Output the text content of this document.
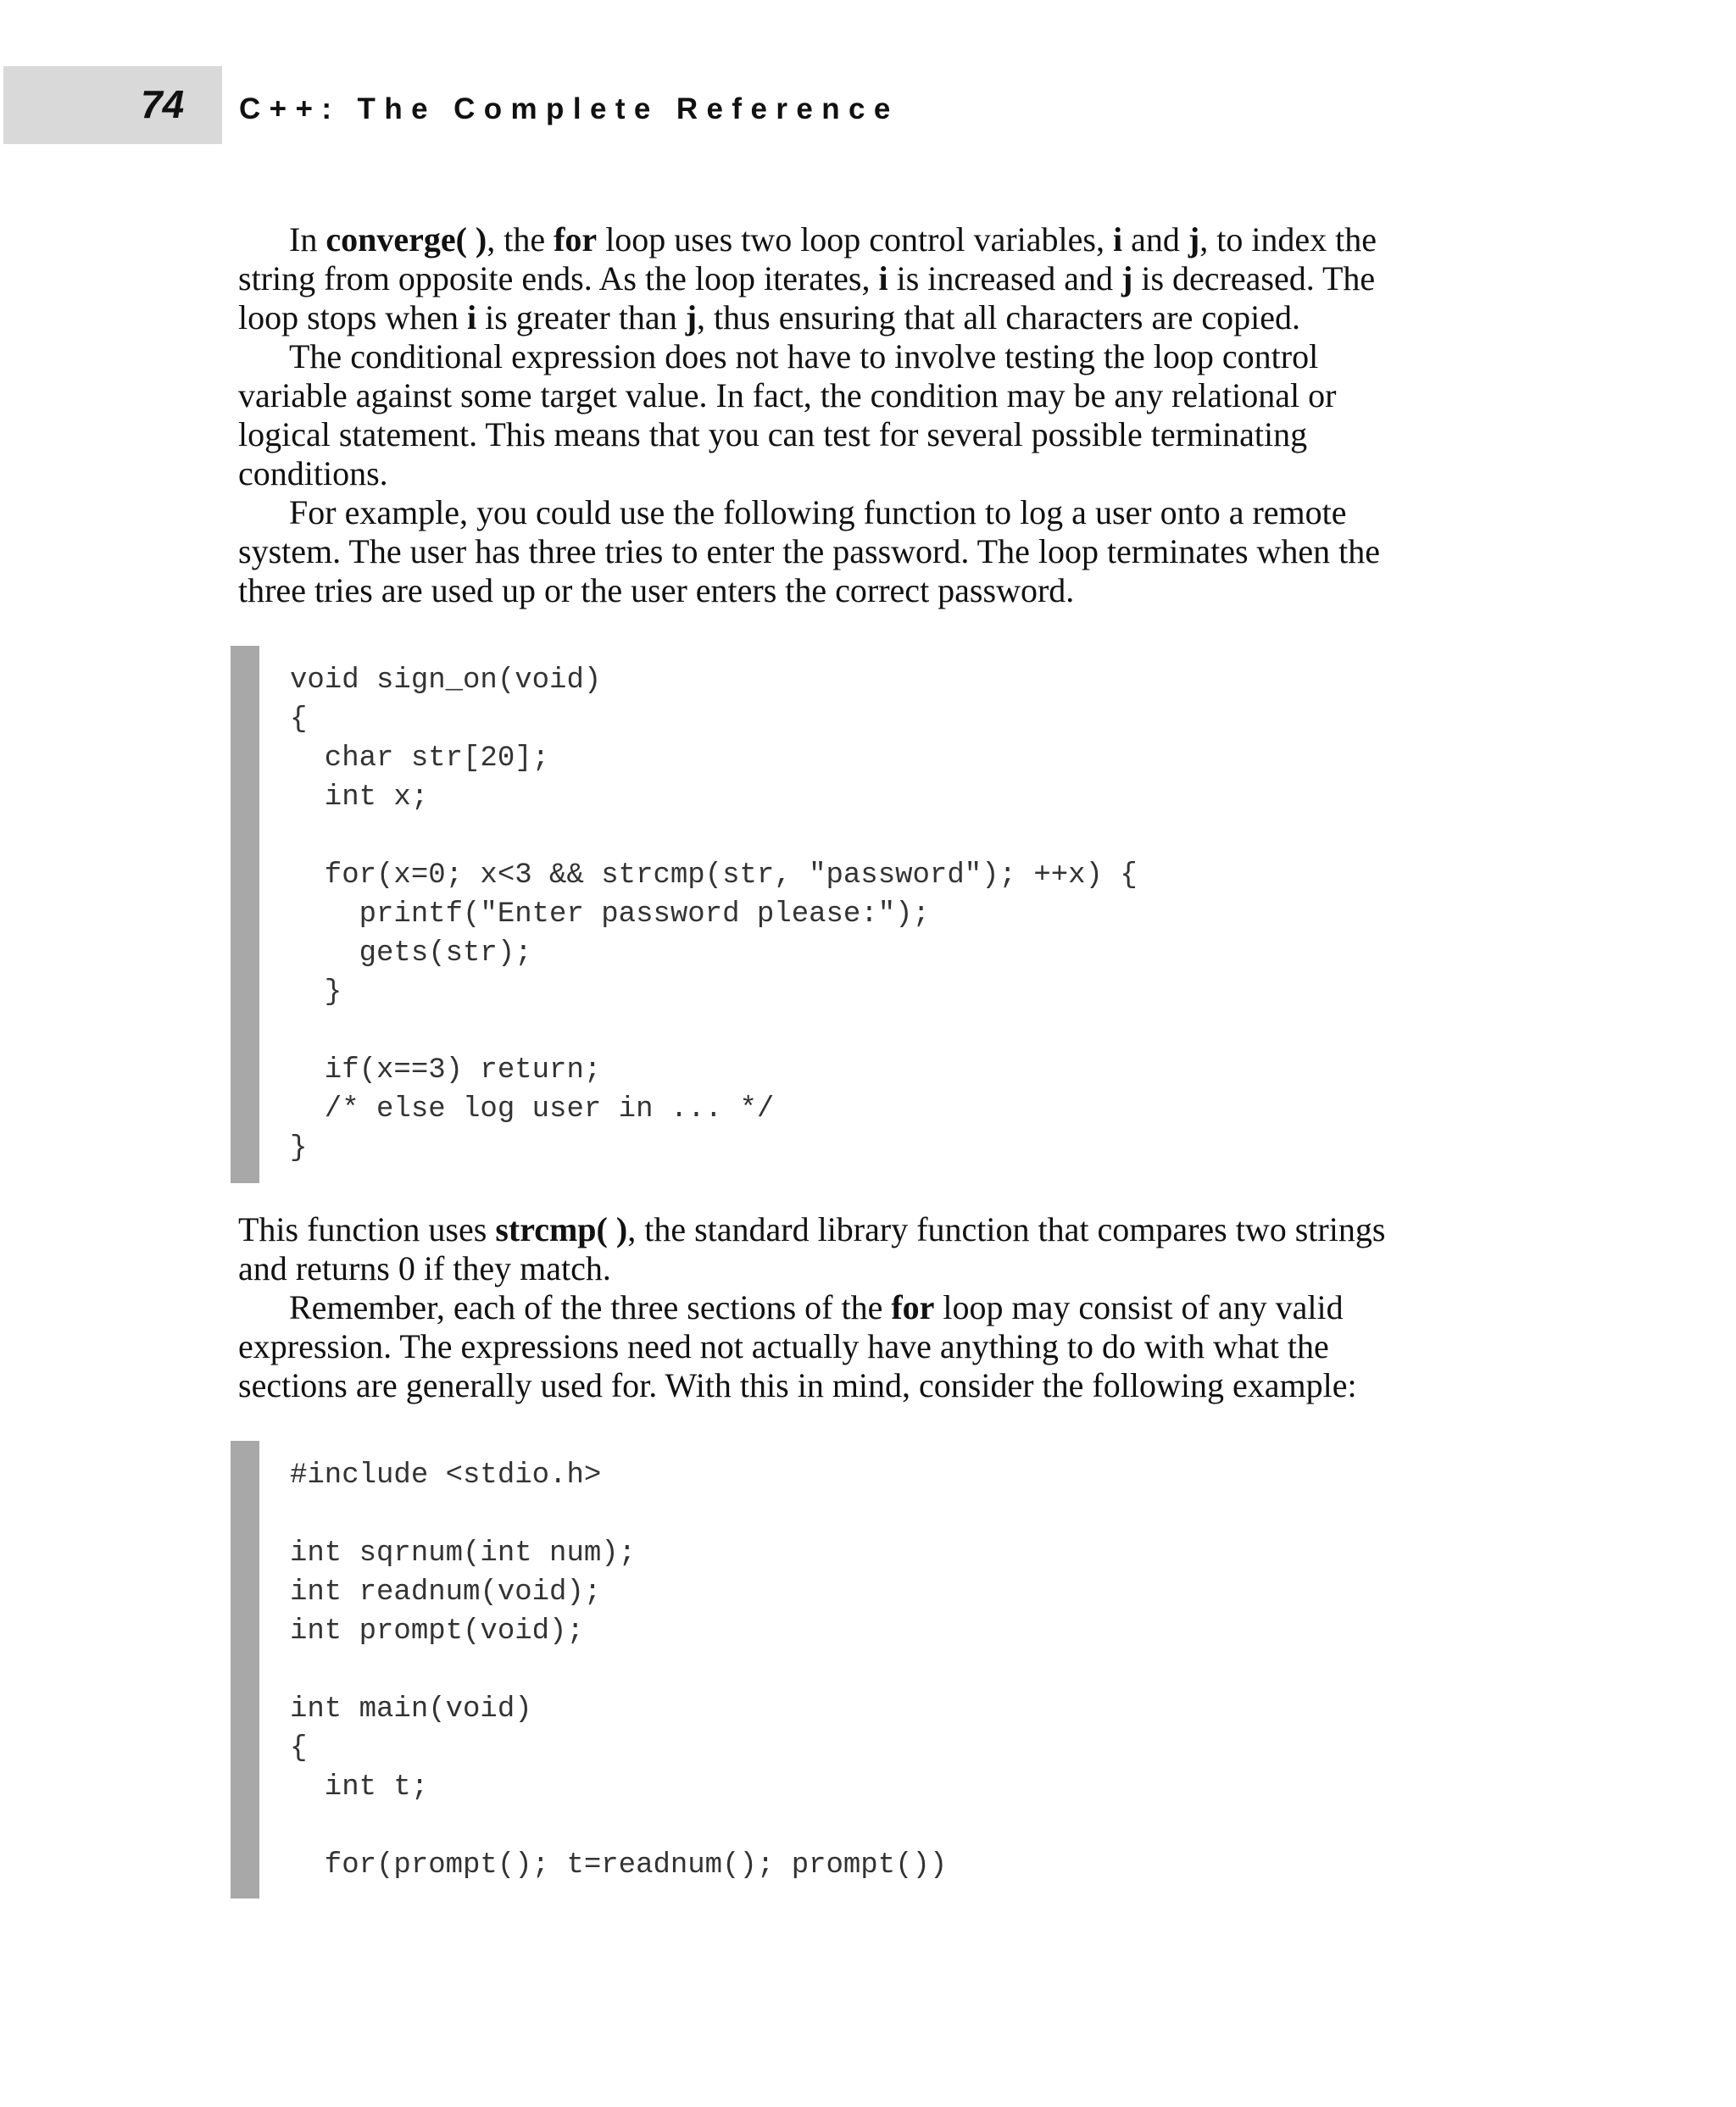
74 C++: The Complete Reference

In converge( ), the for loop uses two loop control variables, i and j, to index the
string from opposite ends. As the loop iterates, i is increased and j is decreased. The
loop stops when i is greater than j, thus ensuring that all characters are copied.

The conditional expression does not have to involve testing the loop control
variable against some target value. In fact, the condition may be any relational or
logical statement. This means that you can test for several possible terminating
conditions.

For example, you could use the following function to log a user onto a remote
system. The user has three tries to enter the password. The loop terminates when the
three tries are used up or the user enters the correct password.

void sign_on(void)
{
char str[20];
int x;
for(x=0; x<3 && strcmp(str, "password"); ++x) {
printf("Enter password please:");
gets(str);
}
if(x==3) return;
/* else log user in ... */
}

This function uses strcmp( ), the standard library function that compares two strings
and returns 0 if they match.

Remember, each of the three sections of the for loop may consist of any valid
expression. The expressions need not actually have anything to do with what the
sections are generally used for. With this in mind, consider the following example:

#include <stdio.h>
int sqrnum(int num);
int readnum(void);
int prompt(void);
int main(void)
{
int t;
for(prompt(); t=readnum(); prompt())
